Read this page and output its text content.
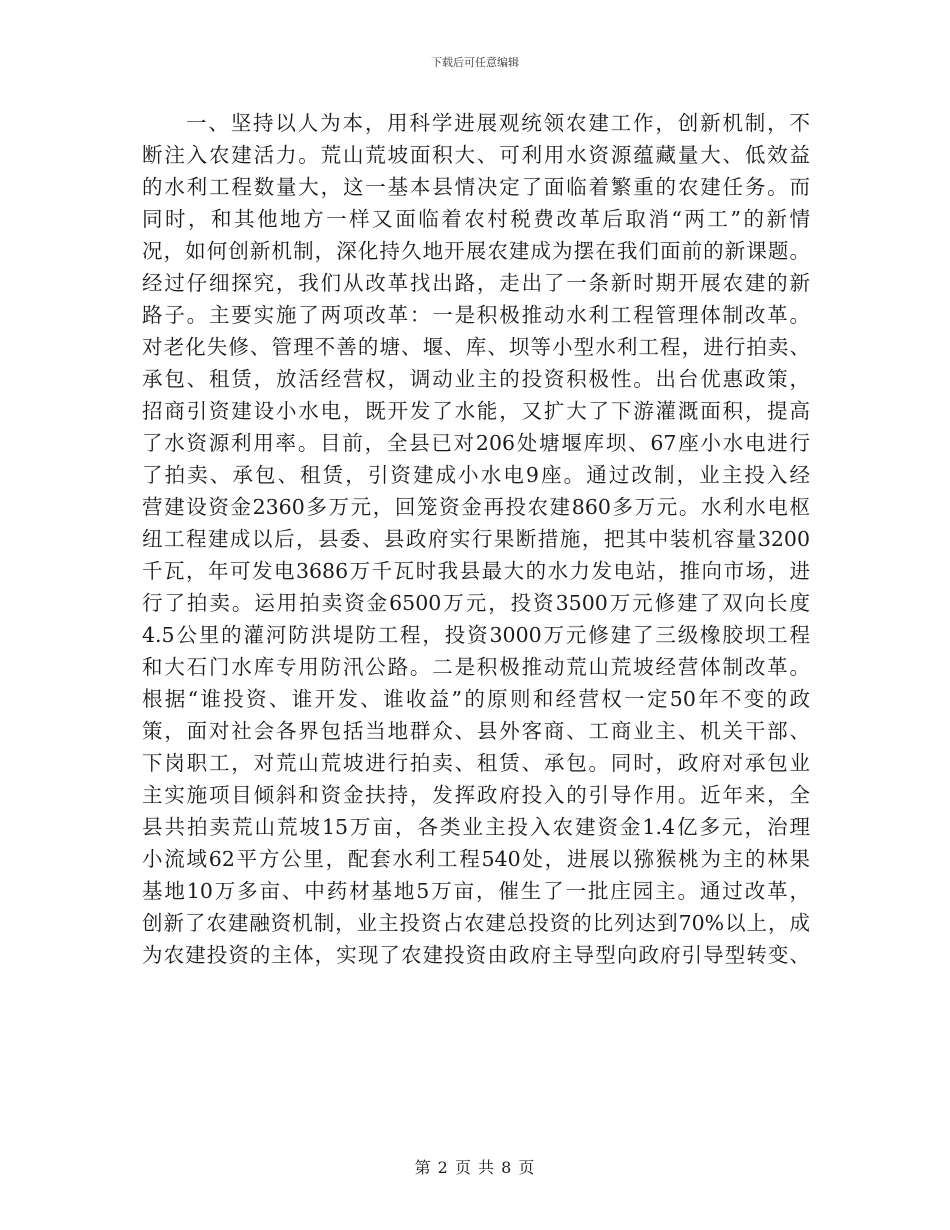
下载后可任意编辑
一、坚持以人为本，用科学进展观统领农建工作，创新机制，不
断注入农建活力。荒山荒坡面积大、可利用水资源蕴藏量大、低效益
的水利工程数量大，这一基本县情决定了面临着繁重的农建任务。而
同时，和其他地方一样又面临着农村税费改革后取消“两工”的新情
况，如何创新机制，深化持久地开展农建成为摆在我们面前的新课题。
经过仔细探究，我们从改革找出路，走出了一条新时期开展农建的新
路子。主要实施了两项改革：一是积极推动水利工程管理体制改革。
对老化失修、管理不善的塘、堰、库、坝等小型水利工程，进行拍卖、
承包、租赁，放活经营权，调动业主的投资积极性。出台优惠政策，
招商引资建设小水电，既开发了水能，又扩大了下游灌溉面积，提高
了水资源利用率。目前，全县已对206处塘堰库坝、67座小水电进行
了拍卖、承包、租赁，引资建成小水电9座。通过改制，业主投入经
营建设资金2360多万元，回笼资金再投农建860多万元。水利水电枢
纽工程建成以后，县委、县政府实行果断措施，把其中装机容量3200
千瓦，年可发电3686万千瓦时我县最大的水力发电站，推向市场，进
行了拍卖。运用拍卖资金6500万元，投资3500万元修建了双向长度
4.5公里的灌河防洪堤防工程，投资3000万元修建了三级橡胶坝工程
和大石门水库专用防汛公路。二是积极推动荒山荒坡经营体制改革。
根据“谁投资、谁开发、谁收益”的原则和经营权一定50年不变的政
策，面对社会各界包括当地群众、县外客商、工商业主、机关干部、
下岗职工，对荒山荒坡进行拍卖、租赁、承包。同时，政府对承包业
主实施项目倾斜和资金扶持，发挥政府投入的引导作用。近年来，全
县共拍卖荒山荒坡15万亩，各类业主投入农建资金1.4亿多元，治理
小流域62平方公里，配套水利工程540处，进展以猕猴桃为主的林果
基地10万多亩、中药材基地5万亩，催生了一批庄园主。通过改革，
创新了农建融资机制，业主投资占农建总投资的比列达到70%以上，成
为农建投资的主体，实现了农建投资由政府主导型向政府引导型转变、
第 2 页 共 8 页
